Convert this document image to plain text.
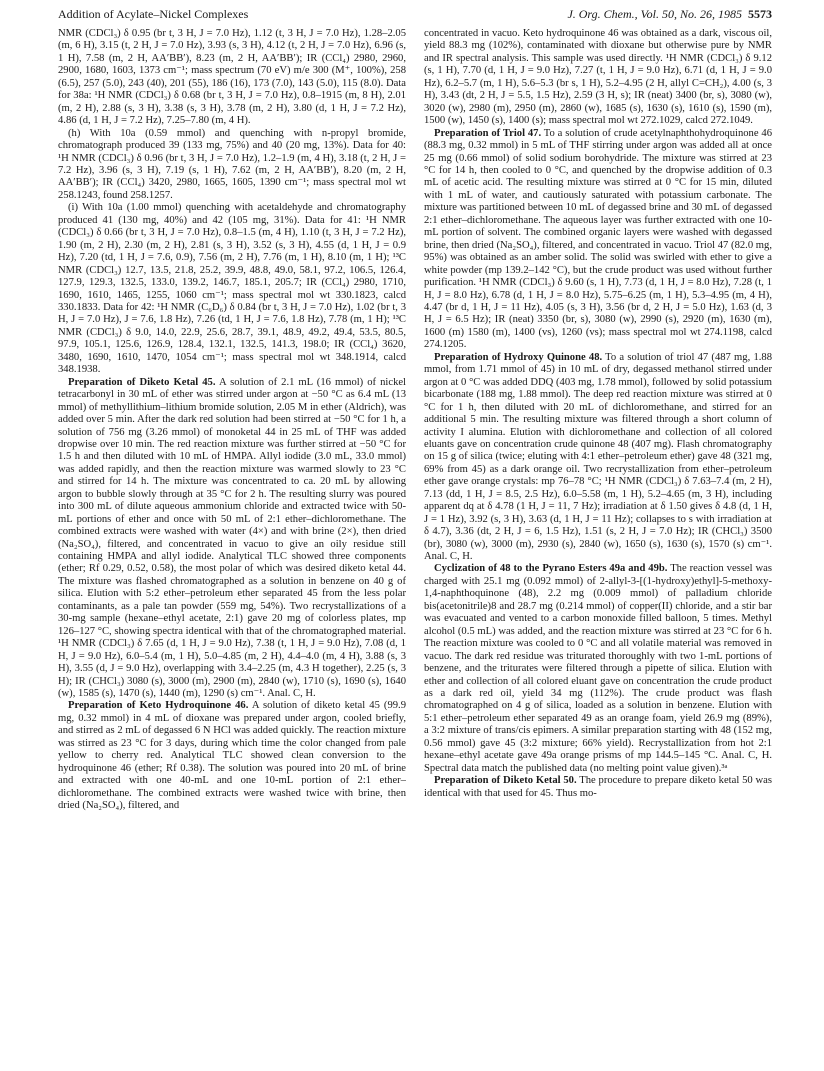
Addition of Acylate–Nickel Complexes	J. Org. Chem., Vol. 50, No. 26, 1985 5573

NMR (CDCl₃) δ 0.95 (br t, 3 H, J = 7.0 Hz), 1.12 (t, 3 H, J = 7.0 Hz), 1.28–2.05 (m, 6 H), 3.15 (t, 2 H, J = 7.0 Hz), 3.93 (s, 3 H), 4.12 (t, 2 H, J = 7.0 Hz), 6.96 (s, 1 H), 7.58 (m, 2 H, AA′BB′), 8.23 (m, 2 H, AA′BB′); IR (CCl₄) 2980, 2960, 2900, 1680, 1603, 1373 cm⁻¹; mass spectrum (70 eV) m/e 300 (M⁺, 100%), 258 (6.5), 257 (5.0), 243 (40), 201 (55), 186 (16), 173 (7.0), 143 (5.0), 115 (8.0). Data for 38a: ¹H NMR (CDCl₃) δ 0.68 (br t, 3 H, J = 7.0 Hz), 0.8–1915 (m, 8 H), 2.01 (m, 2 H), 2.88 (s, 3 H), 3.38 (s, 3 H), 3.78 (m, 2 H), 3.80 (d, 1 H, J = 7.2 Hz), 4.86 (d, 1 H, J = 7.2 Hz), 7.25–7.80 (m, 4 H).

(h) With 10a (0.59 mmol) and quenching with n-propyl bromide, chromatograph produced 39 (133 mg, 75%) and 40 (20 mg, 13%). Data for 40: ¹H NMR (CDCl₃) δ 0.96 (br t, 3 H, J = 7.0 Hz), 1.2–1.9 (m, 4 H), 3.18 (t, 2 H, J = 7.2 Hz), 3.96 (s, 3 H), 7.19 (s, 1 H), 7.62 (m, 2 H, AA′BB′), 8.20 (m, 2 H, AA′BB′); IR (CCl₄) 3420, 2980, 1665, 1605, 1390 cm⁻¹; mass spectral mol wt 258.1243, found 258.1257.

(i) With 10a (1.00 mmol) quenching with acetaldehyde and chromatography produced 41 (130 mg, 40%) and 42 (105 mg, 31%). Data for 41: ¹H NMR (CDCl₃) δ 0.66 (br t, 3 H, J = 7.0 Hz), 0.8–1.5 (m, 4 H), 1.10 (t, 3 H, J = 7.2 Hz), 1.90 (m, 2 H), 2.30 (m, 2 H), 2.81 (s, 3 H), 3.52 (s, 3 H), 4.55 (d, 1 H, J = 0.9 Hz), 7.20 (td, 1 H, J = 7.6, 0.9), 7.56 (m, 2 H), 7.76 (m, 1 H), 8.10 (m, 1 H); ¹³C NMR (CDCl₃) 12.7, 13.5, 21.8, 25.2, 39.9, 48.8, 49.0, 58.1, 97.2, 106.5, 126.4, 127.9, 129.3, 132.5, 133.0, 139.2, 146.7, 185.1, 205.7; IR (CCl₄) 2980, 1710, 1690, 1610, 1465, 1255, 1060 cm⁻¹; mass spectral mol wt 330.1823, calcd 330.1833. Data for 42: ¹H NMR (C₆D₆) δ 0.84 (br t, 3 H, J = 7.0 Hz), 1.02 (br t, 3 H, J = 7.0 Hz), J = 7.6, 1.8 Hz), 7.26 (td, 1 H, J = 7.6, 1.8 Hz), 7.78 (m, 1 H); ¹³C NMR (CDCl₃) δ 9.0, 14.0, 22.9, 25.6, 28.7, 39.1, 48.9, 49.2, 49.4, 53.5, 80.5, 97.9, 105.1, 125.6, 126.9, 128.4, 132.1, 132.5, 141.3, 198.0; IR (CCl₄) 3620, 3480, 1690, 1610, 1470, 1054 cm⁻¹; mass spectral mol wt 348.1914, calcd 348.1938.

Preparation of Diketo Ketal 45. A solution of 2.1 mL (16 mmol) of nickel tetracarbonyl in 30 mL of ether was stirred under argon at −50 °C as 6.4 mL (13 mmol) of methyllithium–lithium bromide solution, 2.05 M in ether (Aldrich), was added over 5 min. After the dark red solution had been stirred at −50 °C for 1 h, a solution of 756 mg (3.26 mmol) of monoketal 44 in 25 mL of THF was added dropwise over 10 min. The red reaction mixture was further stirred at −50 °C for 1.5 h and then diluted with 10 mL of HMPA. Allyl iodide (3.0 mL, 33.0 mmol) was added rapidly, and then the reaction mixture was warmed slowly to 23 °C and stirred for 14 h. The mixture was concentrated to ca. 20 mL by allowing argon to bubble slowly through at 35 °C for 2 h. The resulting slurry was poured into 300 mL of dilute aqueous ammonium chloride and extracted twice with 50-mL portions of ether and once with 50 mL of 2:1 ether–dichloromethane. The combined extracts were washed with water (4×) and with brine (2×), then dried (Na₂SO₄), filtered, and concentrated in vacuo to give an oily residue still containing HMPA and allyl iodide. Analytical TLC showed three components (ether; Rf 0.29, 0.52, 0.58), the most polar of which was desired diketo ketal 44. The mixture was flashed chromatographed as a solution in benzene on 40 g of silica. Elution with 5:2 ether–petroleum ether separated 45 from the less polar contaminants, as a pale tan powder (559 mg, 54%). Two recrystallizations of a 30-mg sample (hexane–ethyl acetate, 2:1) gave 20 mg of colorless plates, mp 126–127 °C, showing spectra identical with that of the chromatographed material. ¹H NMR (CDCl₃) δ 7.65 (d, 1 H, J = 9.0 Hz), 7.38 (t, 1 H, J = 9.0 Hz), 7.08 (d, 1 H, J = 9.0 Hz), 6.0–5.4 (m, 1 H), 5.0–4.85 (m, 2 H), 4.4–4.0 (m, 4 H), 3.88 (s, 3 H), 3.55 (d, J = 9.0 Hz), overlapping with 3.4–2.25 (m, 4.3 H together), 2.25 (s, 3 H); IR (CHCl₃) 3080 (s), 3000 (m), 2900 (m), 2840 (w), 1710 (s), 1690 (s), 1640 (w), 1585 (s), 1470 (s), 1440 (m), 1290 (s) cm⁻¹. Anal. C, H.

Preparation of Keto Hydroquinone 46. A solution of diketo ketal 45 (99.9 mg, 0.32 mmol) in 4 mL of dioxane was prepared under argon, cooled briefly, and stirred as 2 mL of degassed 6 N HCl was added quickly. The reaction mixture was stirred as 23 °C for 3 days, during which time the color changed from pale yellow to cherry red. Analytical TLC showed clean conversion to the hydroquinone 46 (ether; Rf 0.38). The solution was poured into 20 mL of brine and extracted with one 40-mL and one 10-mL portion of 2:1 ether–dichloromethane. The combined extracts were washed twice with brine, then dried (Na₂SO₄), filtered, and

concentrated in vacuo. Keto hydroquinone 46 was obtained as a dark, viscous oil, yield 88.3 mg (102%), contaminated with dioxane but otherwise pure by NMR and IR spectral analysis. This sample was used directly. ¹H NMR (CDCl₃) δ 9.12 (s, 1 H), 7.70 (d, 1 H, J = 9.0 Hz), 7.27 (t, 1 H, J = 9.0 Hz), 6.71 (d, 1 H, J = 9.0 Hz), 6.2–5.7 (m, 1 H), 5.6–5.3 (br s, 1 H), 5.2–4.95 (2 H, allyl C=CH₂), 4.00 (s, 3 H), 3.43 (dt, 2 H, J = 5.5, 1.5 Hz), 2.59 (3 H, s); IR (neat) 3400 (br, s), 3080 (w), 3020 (w), 2980 (m), 2950 (m), 2860 (w), 1685 (s), 1630 (s), 1610 (s), 1590 (m), 1500 (w), 1450 (s), 1400 (s); mass spectral mol wt 272.1029, calcd 272.1049.

Preparation of Triol 47. To a solution of crude acetylnaphthohydroquinone 46 (88.3 mg, 0.32 mmol) in 5 mL of THF stirring under argon was added all at once 25 mg (0.66 mmol) of solid sodium borohydride. The mixture was stirred at 23 °C for 14 h, then cooled to 0 °C, and quenched by the dropwise addition of 0.3 mL of acetic acid. The resulting mixture was stirred at 0 °C for 15 min, diluted with 1 mL of water, and cautiously saturated with potassium carbonate. The mixture was partitioned between 10 mL of degassed brine and 30 mL of degassed 2:1 ether–dichloromethane. The aqueous layer was further extracted with one 10-mL portion of solvent. The combined organic layers were washed with degassed brine, then dried (Na₂SO₄), filtered, and concentrated in vacuo. Triol 47 (82.0 mg, 95%) was obtained as an amber solid. The solid was swirled with ether to give a white powder (mp 139.2–142 °C), but the crude product was used without further purification. ¹H NMR (CDCl₃) δ 9.60 (s, 1 H), 7.73 (d, 1 H, J = 8.0 Hz), 7.28 (t, 1 H, J = 8.0 Hz), 6.78 (d, 1 H, J = 8.0 Hz), 5.75–6.25 (m, 1 H), 5.3–4.95 (m, 4 H), 4.47 (br d, 1 H, J = 11 Hz), 4.05 (s, 3 H), 3.56 (br d, 2 H, J = 5.0 Hz), 1.63 (d, 3 H, J = 6.5 Hz); IR (neat) 3350 (br, s), 3080 (w), 2990 (s), 2920 (m), 1630 (m), 1600 (m) 1580 (m), 1400 (vs), 1260 (vs); mass spectral mol wt 274.1198, calcd 274.1205.

Preparation of Hydroxy Quinone 48. To a solution of triol 47 (487 mg, 1.88 mmol, from 1.71 mmol of 45) in 10 mL of dry, degassed methanol stirred under argon at 0 °C was added DDQ (403 mg, 1.78 mmol), followed by solid potassium bicarbonate (188 mg, 1.88 mmol). The deep red reaction mixture was stirred at 0 °C for 1 h, then diluted with 20 mL of dichloromethane, and stirred for an additional 5 min. The resulting mixture was filtered through a short column of activity I alumina. Elution with dichloromethane and collection of all colored eluants gave on concentration crude quinone 48 (407 mg). Flash chromatography on 15 g of silica (twice; eluting with 4:1 ether–petroleum ether) gave 48 (321 mg, 69% from 45) as a dark orange oil. Two recrystallization from ether–petroleum ether gave orange crystals: mp 76–78 °C; ¹H NMR (CDCl₃) δ 7.63–7.4 (m, 2 H), 7.13 (dd, 1 H, J = 8.5, 2.5 Hz), 6.0–5.58 (m, 1 H), 5.2–4.65 (m, 3 H), including apparent dq at δ 4.78 (1 H, J = 11, 7 Hz); irradiation at δ 1.50 gives δ 4.8 (d, 1 H, J = 1 Hz), 3.92 (s, 3 H), 3.63 (d, 1 H, J = 11 Hz); collapses to s with irradiation at δ 4.7), 3.36 (dt, 2 H, J = 6, 1.5 Hz), 1.51 (s, 2 H, J = 7.0 Hz); IR (CHCl₃) 3500 (br), 3080 (w), 3000 (m), 2930 (s), 2840 (w), 1650 (s), 1630 (s), 1570 (s) cm⁻¹. Anal. C, H.

Cyclization of 48 to the Pyrano Esters 49a and 49b. The reaction vessel was charged with 25.1 mg (0.092 mmol) of 2-allyl-3-[(1-hydroxy)ethyl]-5-methoxy-1,4-naphthoquinone (48), 2.2 mg (0.009 mmol) of palladium chloride bis(acetonitrile)8 and 28.7 mg (0.214 mmol) of copper(II) chloride, and a stir bar was evacuated and vented to a carbon monoxide filled balloon, 5 times. Methyl alcohol (0.5 mL) was added, and the reaction mixture was stirred at 23 °C for 6 h. The reaction mixture was cooled to 0 °C and all volatile material was removed in vacuo. The dark red residue was triturated thoroughly with two 1-mL portions of benzene, and the triturates were filtered through a pipette of silica. Elution with ether and collection of all colored eluant gave on concentration the crude product as a dark red oil, yield 34 mg (112%). The crude product was flash chromatographed on 4 g of silica, loaded as a solution in benzene. Elution with 5:1 ether–petroleum ether separated 49 as an orange foam, yield 26.9 mg (89%), a 3:2 mixture of trans/cis epimers. A similar preparation starting with 48 (152 mg, 0.56 mmol) gave 45 (3:2 mixture; 66% yield). Recrystallization from hot 2:1 hexane–ethyl acetate gave 49a orange prisms of mp 144.5–145 °C. Anal. C, H. Spectral data match the published data (no melting point value given).³ᵃ

Preparation of Diketo Ketal 50. The procedure to prepare diketo ketal 50 was identical with that used for 45. Thus mo-
